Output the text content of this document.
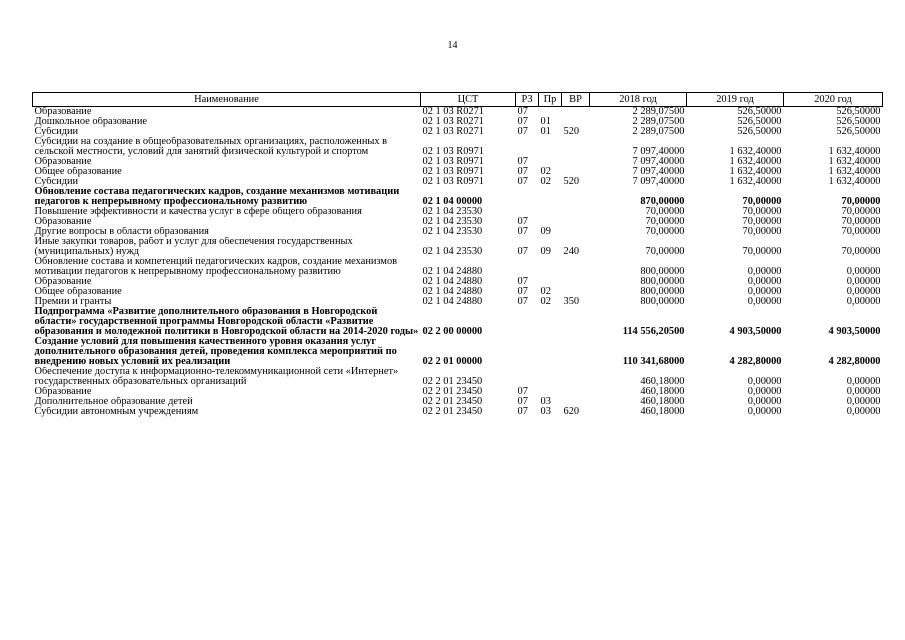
14
Наименование	ЦСТ	РЗ	Пр	ВР	2018 год	2019 год	2020 год
Образование	02 1 03 R0271	07			2 289,07500	526,50000	526,50000
Дошкольное образование	02 1 03 R0271	07	01		2 289,07500	526,50000	526,50000
Субсидии	02 1 03 R0271	07	01	520	2 289,07500	526,50000	526,50000
Субсидии на создание в общеобразовательных организациях, расположенных в сельской местности, условий для занятий физической культурой и спортом	02 1 03 R0971				7 097,40000	1 632,40000	1 632,40000
Образование	02 1 03 R0971	07			7 097,40000	1 632,40000	1 632,40000
Общее образование	02 1 03 R0971	07	02		7 097,40000	1 632,40000	1 632,40000
Субсидии	02 1 03 R0971	07	02	520	7 097,40000	1 632,40000	1 632,40000
Обновление состава педагогических кадров, создание механизмов мотивации педагогов к непрерывному профессиональному развитию	02 1 04 00000				870,00000	70,00000	70,00000
Повышение эффективности и качества услуг в сфере общего образования	02 1 04 23530				70,00000	70,00000	70,00000
Образование	02 1 04 23530	07			70,00000	70,00000	70,00000
Другие вопросы в области образования	02 1 04 23530	07	09		70,00000	70,00000	70,00000
Иные закупки товаров, работ и услуг для обеспечения государственных (муниципальных) нужд	02 1 04 23530	07	09	240	70,00000	70,00000	70,00000
Обновление состава и компетенций педагогических кадров, создание механизмов мотивации педагогов к непрерывному профессиональному развитию	02 1 04 24880				800,00000	0,00000	0,00000
Образование	02 1 04 24880	07			800,00000	0,00000	0,00000
Общее образование	02 1 04 24880	07	02		800,00000	0,00000	0,00000
Премии и гранты	02 1 04 24880	07	02	350	800,00000	0,00000	0,00000
Подпрограмма «Развитие дополнительного образования в Новгородской области» государственной программы Новгородской области «Развитие образования и молодежной политики в Новгородской области на 2014-2020 годы»	02 2 00 00000				114 556,20500	4 903,50000	4 903,50000
Создание условий для повышения качественного уровня оказания услуг дополнительного образования детей, проведения комплекса мероприятий по внедрению новых условий их реализации	02 2 01 00000				110 341,68000	4 282,80000	4 282,80000
Обеспечение доступа к информационно-телекоммуникационной сети «Интернет» государственных образовательных организаций	02 2 01 23450				460,18000	0,00000	0,00000
Образование	02 2 01 23450	07			460,18000	0,00000	0,00000
Дополнительное образование детей	02 2 01 23450	07	03		460,18000	0,00000	0,00000
Субсидии автономным учреждениям	02 2 01 23450	07	03	620	460,18000	0,00000	0,00000
